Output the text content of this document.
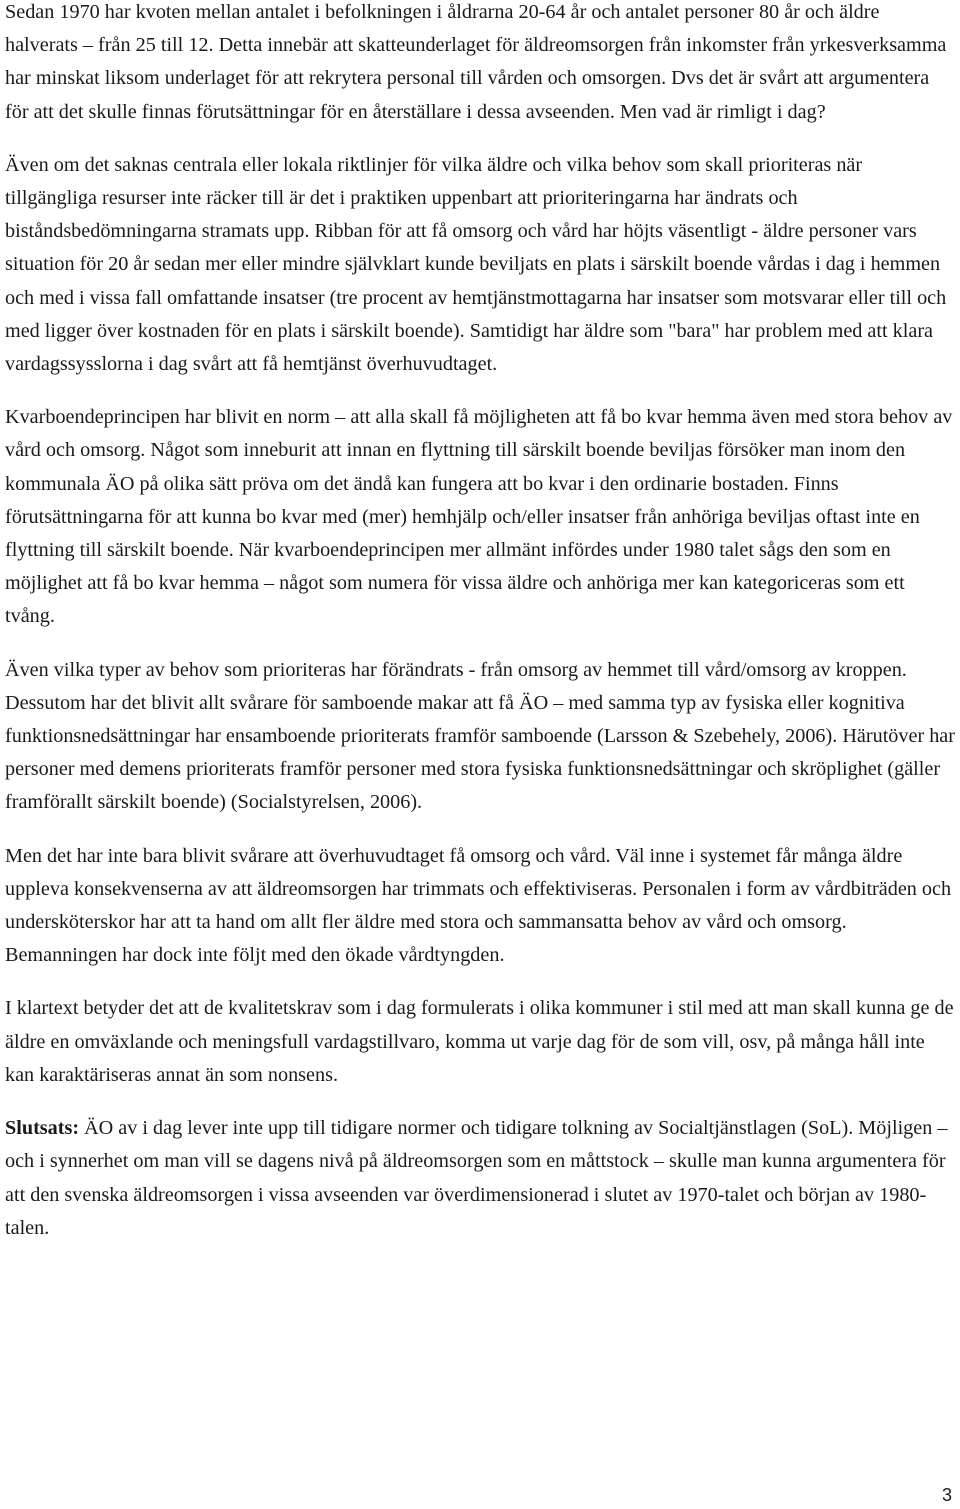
Sedan 1970 har kvoten mellan antalet i befolkningen i åldrarna 20-64 år och antalet personer 80 år och äldre halverats – från 25 till 12. Detta innebär att skatteunderlaget för äldreomsorgen från inkomster från yrkesverksamma har minskat liksom underlaget för att rekrytera personal till vården och omsorgen. Dvs det är svårt att argumentera för att det skulle finnas förutsättningar för en återställare i dessa avseenden. Men vad är rimligt i dag?

Även om det saknas centrala eller lokala riktlinjer för vilka äldre och vilka behov som skall prioriteras när tillgängliga resurser inte räcker till är det i praktiken uppenbart att prioriteringarna har ändrats och biståndsbedömningarna stramats upp. Ribban för att få omsorg och vård har höjts väsentligt - äldre personer vars situation för 20 år sedan mer eller mindre självklart kunde beviljats en plats i särskilt boende vårdas i dag i hemmen och med i vissa fall omfattande insatser (tre procent av hemtjänstmottagarna har insatser som motsvarar eller till och med ligger över kostnaden för en plats i särskilt boende). Samtidigt har äldre som "bara" har problem med att klara vardagssysslorna i dag svårt att få hemtjänst överhuvudtaget.

Kvarboendeprincipen har blivit en norm – att alla skall få möjligheten att få bo kvar hemma även med stora behov av vård och omsorg. Något som inneburit att innan en flyttning till särskilt boende beviljas försöker man inom den kommunala ÄO på olika sätt pröva om det ändå kan fungera att bo kvar i den ordinarie bostaden. Finns förutsättningarna för att kunna bo kvar med (mer) hemhjälp och/eller insatser från anhöriga beviljas oftast inte en flyttning till särskilt boende. När kvarboendeprincipen mer allmänt infördes under 1980 talet sågs den som en möjlighet att få bo kvar hemma – något som numera för vissa äldre och anhöriga mer kan kategoriceras som ett tvång.

Även vilka typer av behov som prioriteras har förändrats - från omsorg av hemmet till vård/omsorg av kroppen. Dessutom har det blivit allt svårare för samboende makar att få ÄO – med samma typ av fysiska eller kognitiva funktionsnedsättningar har ensamboende prioriterats framför samboende (Larsson & Szebehely, 2006). Härutöver har personer med demens prioriterats framför personer med stora fysiska funktionsnedsättningar och skröplighet (gäller framförallt särskilt boende) (Socialstyrelsen, 2006).

Men det har inte bara blivit svårare att överhuvudtaget få omsorg och vård. Väl inne i systemet får många äldre uppleva konsekvenserna av att äldreomsorgen har trimmats och effektiviseras. Personalen i form av vårdbiträden och undersköterskor har att ta hand om allt fler äldre med stora och sammansatta behov av vård och omsorg. Bemanningen har dock inte följt med den ökade vårdtyngden.

I klartext betyder det att de kvalitetskrav som i dag formulerats i olika kommuner i stil med att man skall kunna ge de äldre en omväxlande och meningsfull vardagstillvaro, komma ut varje dag för de som vill, osv, på många håll inte kan karaktäriseras annat än som nonsens.

Slutsats: ÄO av i dag lever inte upp till tidigare normer och tidigare tolkning av Socialtjänstlagen (SoL). Möjligen – och i synnerhet om man vill se dagens nivå på äldreomsorgen som en måttstock – skulle man kunna argumentera för att den svenska äldreomsorgen i vissa avseenden var överdimensionerad i slutet av 1970-talet och början av 1980-talen.

3
